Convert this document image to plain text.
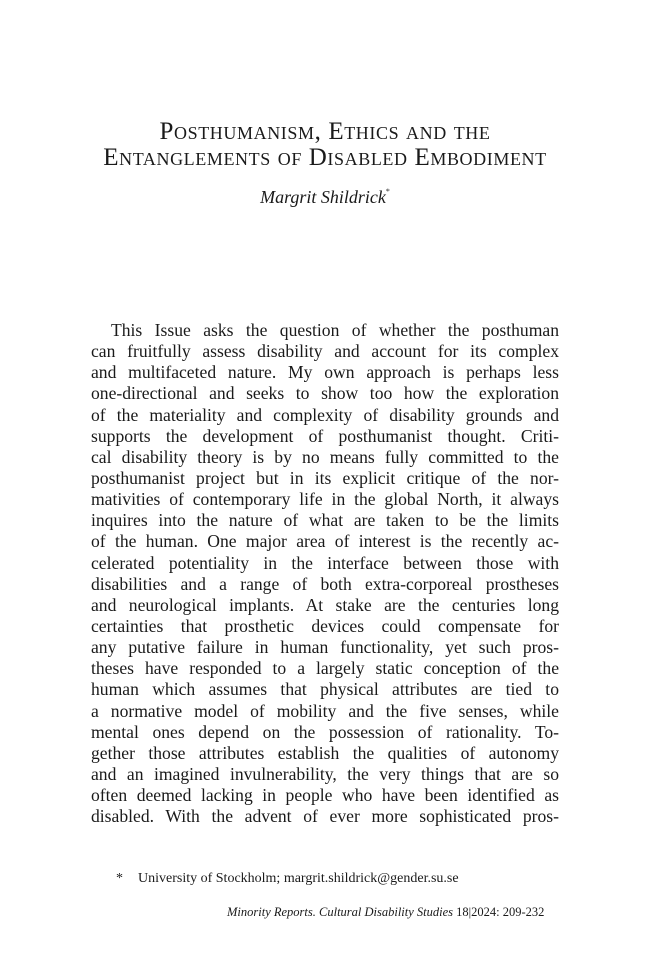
Posthumanism, Ethics and the
Entanglements of Disabled Embodiment

Margrit Shildrick*

This Issue asks the question of whether the posthuman
can fruitfully assess disability and account for its complex
and multifaceted nature. My own approach is perhaps less
one-directional and seeks to show too how the exploration
of the materiality and complexity of disability grounds and
supports the development of posthumanist thought. Criti-
cal disability theory is by no means fully committed to the
posthumanist project but in its explicit critique of the nor-
mativities of contemporary life in the global North, it always
inquires into the nature of what are taken to be the limits
of the human. One major area of interest is the recently ac-
celerated potentiality in the interface between those with
disabilities and a range of both extra-corporeal prostheses
and neurological implants. At stake are the centuries long
certainties that prosthetic devices could compensate for
any putative failure in human functionality, yet such pros-
theses have responded to a largely static conception of the
human which assumes that physical attributes are tied to
a normative model of mobility and the five senses, while
mental ones depend on the possession of rationality. To-
gether those attributes establish the qualities of autonomy
and an imagined invulnerability, the very things that are so
often deemed lacking in people who have been identified as
disabled. With the advent of ever more sophisticated pros-

* University of Stockholm; margrit.shildrick@gender.su.se

Minority Reports. Cultural Disability Studies 18|2024: 209-232
